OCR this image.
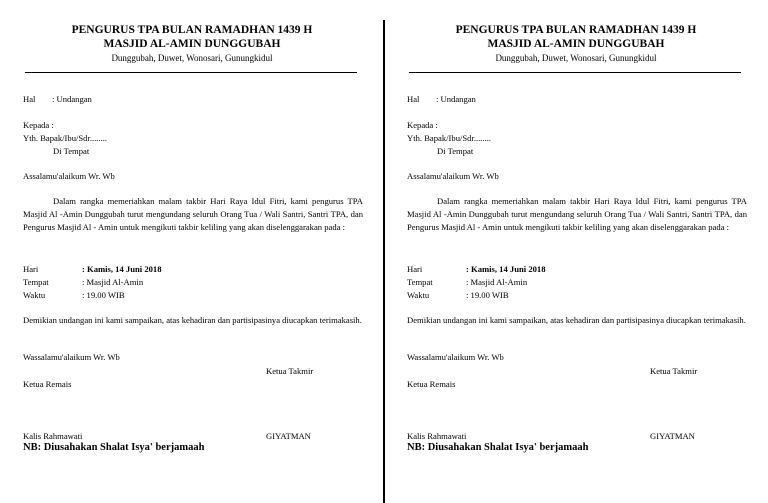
PENGURUS TPA BULAN RAMADHAN 1439 H
MASJID AL-AMIN DUNGGUBAH
Dunggubah, Duwet, Wonosari, Gunungkidul
Hal : Undangan
Kepada :
Yth. Bapak/Ibu/Sdr........
Di Tempat
Assalamu'alaikum Wr. Wb
Dalam rangka memeriahkan malam takbir Hari Raya Idul Fitri, kami pengurus TPA Masjid Al -Amin Dunggubah turut mengundang seluruh Orang Tua / Wali Santri, Santri TPA, dan Pengurus Masjid Al - Amin untuk mengikuti takbir keliling yang akan diselenggarakan pada :
Hari	: Kamis, 14 Juni 2018
Tempat	: Masjid Al-Amin
Waktu	: 19.00 WIB
Demikian undangan ini kami sampaikan, atas kehadiran dan partisipasinya diucapkan terimakasih.
Wassalamu'alaikum Wr. Wb
Ketua Takmir
Ketua Remais
Kalis Rahmawati	GIYATMAN
NB: Diusahakan Shalat Isya' berjamaah
PENGURUS TPA BULAN RAMADHAN 1439 H
MASJID AL-AMIN DUNGGUBAH
Dunggubah, Duwet, Wonosari, Gunungkidul
Hal : Undangan
Kepada :
Yth. Bapak/Ibu/Sdr........
Di Tempat
Assalamu'alaikum Wr. Wb
Dalam rangka memeriahkan malam takbir Hari Raya Idul Fitri, kami pengurus TPA Masjid Al -Amin Dunggubah turut mengundang seluruh Orang Tua / Wali Santri, Santri TPA, dan Pengurus Masjid Al - Amin untuk mengikuti takbir keliling yang akan diselenggarakan pada :
Hari	: Kamis, 14 Juni 2018
Tempat	: Masjid Al-Amin
Waktu	: 19.00 WIB
Demikian undangan ini kami sampaikan, atas kehadiran dan partisipasinya diucapkan terimakasih.
Wassalamu'alaikum Wr. Wb
Ketua Takmir
Ketua Remais
Kalis Rahmawati	GIYATMAN
NB: Diusahakan Shalat Isya' berjamaah
